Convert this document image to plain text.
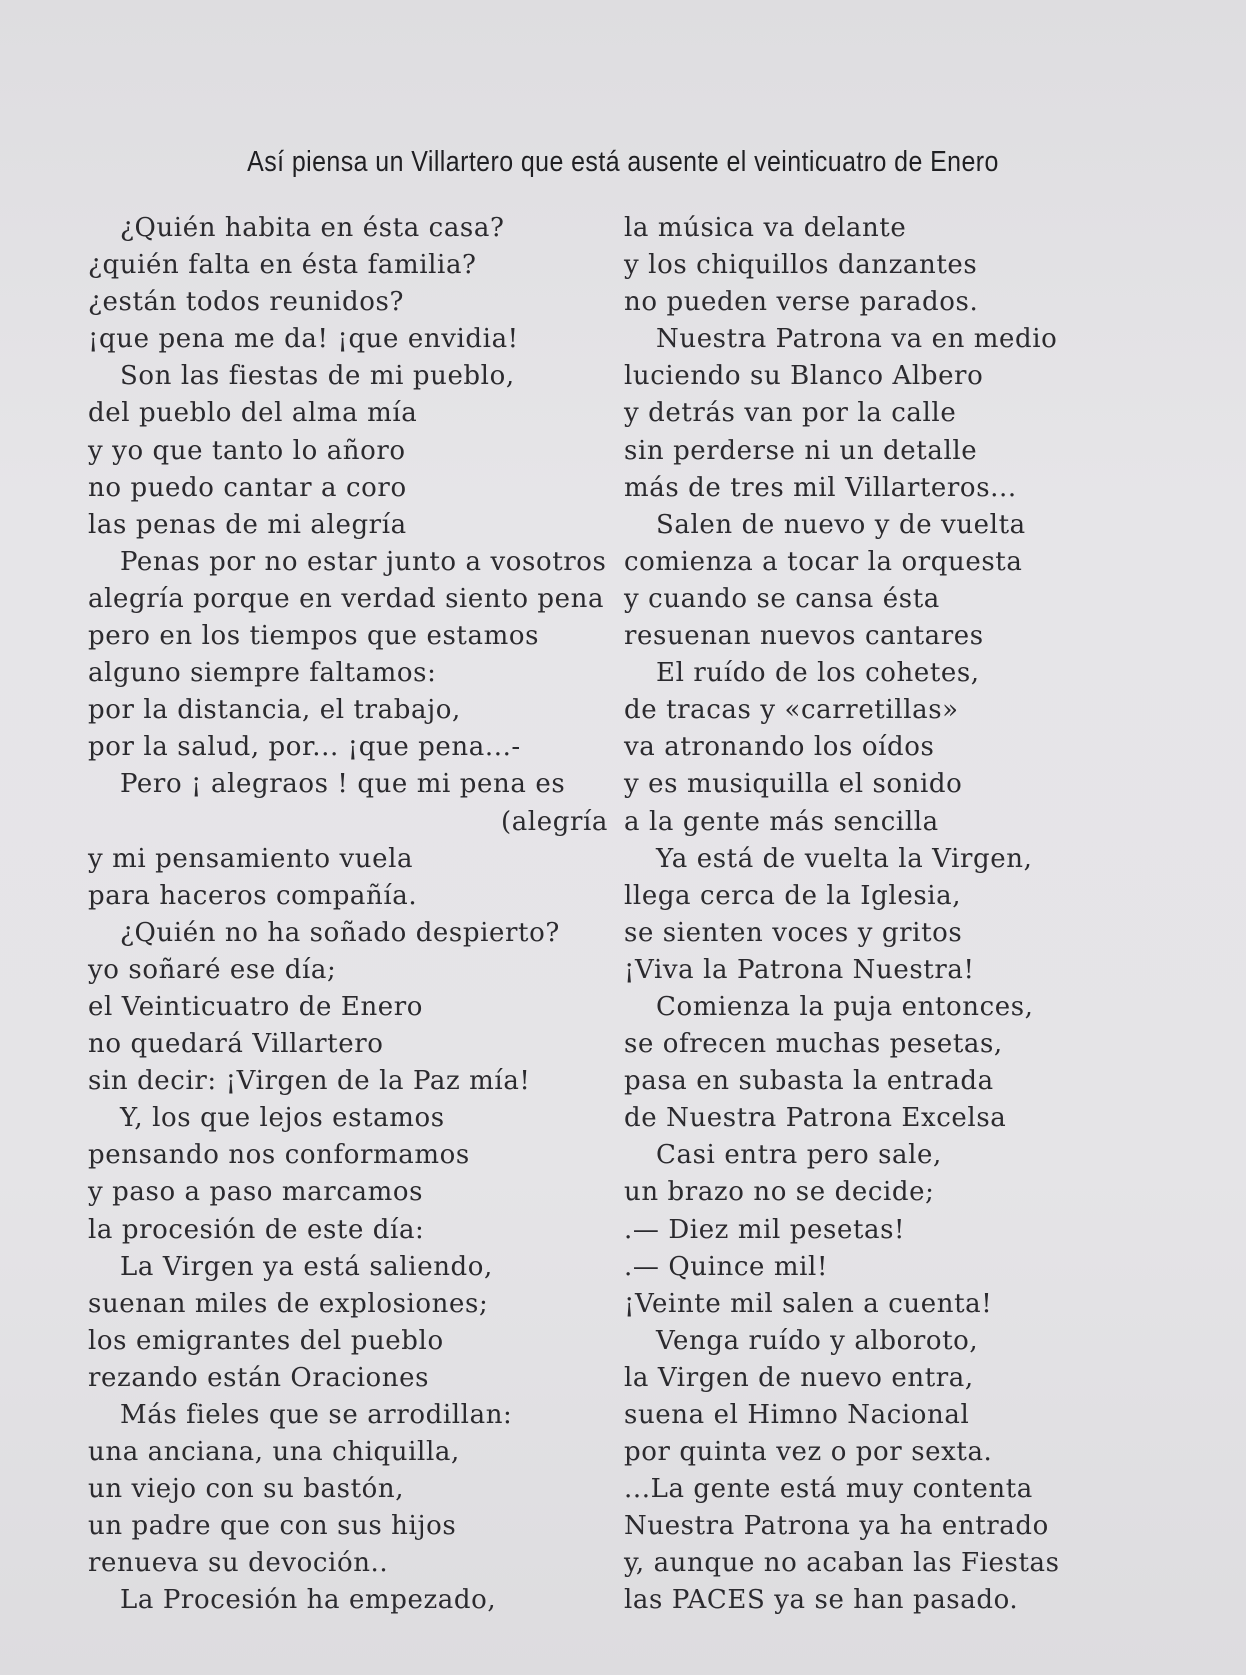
Así piensa un Villartero que está ausente el veinticuatro de Enero
¿Quién habita en ésta casa?
¿quién falta en ésta familia?
¿están todos reunidos?
¡que pena me da! ¡que envidia!
Son las fiestas de mi pueblo,
del pueblo del alma mía
y yo que tanto lo añoro
no puedo cantar a coro
las penas de mi alegría
Penas por no estar junto a vosotros
alegría porque en verdad siento pena
pero en los tiempos que estamos
alguno siempre faltamos:
por la distancia, el trabajo,
por la salud, por... ¡que pena...-
Pero ¡ alegraos ! que mi pena es
(alegría
y mi pensamiento vuela
para haceros compañía.
¿Quién no ha soñado despierto?
yo soñaré ese día;
el Veinticuatro de Enero
no quedará Villartero
sin decir: ¡Virgen de la Paz mía!
Y, los que lejos estamos
pensando nos conformamos
y paso a paso marcamos
la procesión de este día:
La Virgen ya está saliendo,
suenan miles de explosiones;
los emigrantes del pueblo
rezando están Oraciones
Más fieles que se arrodillan:
una anciana, una chiquilla,
un viejo con su bastón,
un padre que con sus hijos
renueva su devoción..
La Procesión ha empezado,
la música va delante
y los chiquillos danzantes
no pueden verse parados.
Nuestra Patrona va en medio
luciendo su Blanco Albero
y detrás van por la calle
sin perderse ni un detalle
más de tres mil Villarteros...
Salen de nuevo y de vuelta
comienza a tocar la orquesta
y cuando se cansa ésta
resuenan nuevos cantares
El ruído de los cohetes,
de tracas y «carretillas»
va atronando los oídos
y es musiquilla el sonido
a la gente más sencilla
Ya está de vuelta la Virgen,
llega cerca de la Iglesia,
se sienten voces y gritos
¡Viva la Patrona Nuestra!
Comienza la puja entonces,
se ofrecen muchas pesetas,
pasa en subasta la entrada
de Nuestra Patrona Excelsa
Casi entra pero sale,
un brazo no se decide;
.— Diez mil pesetas!
.— Quince mil!
¡Veinte mil salen a cuenta!
Venga ruído y alboroto,
la Virgen de nuevo entra,
suena el Himno Nacional
por quinta vez o por sexta.
...La gente está muy contenta
Nuestra Patrona ya ha entrado
y, aunque no acaban las Fiestas
las PACES ya se han pasado.
